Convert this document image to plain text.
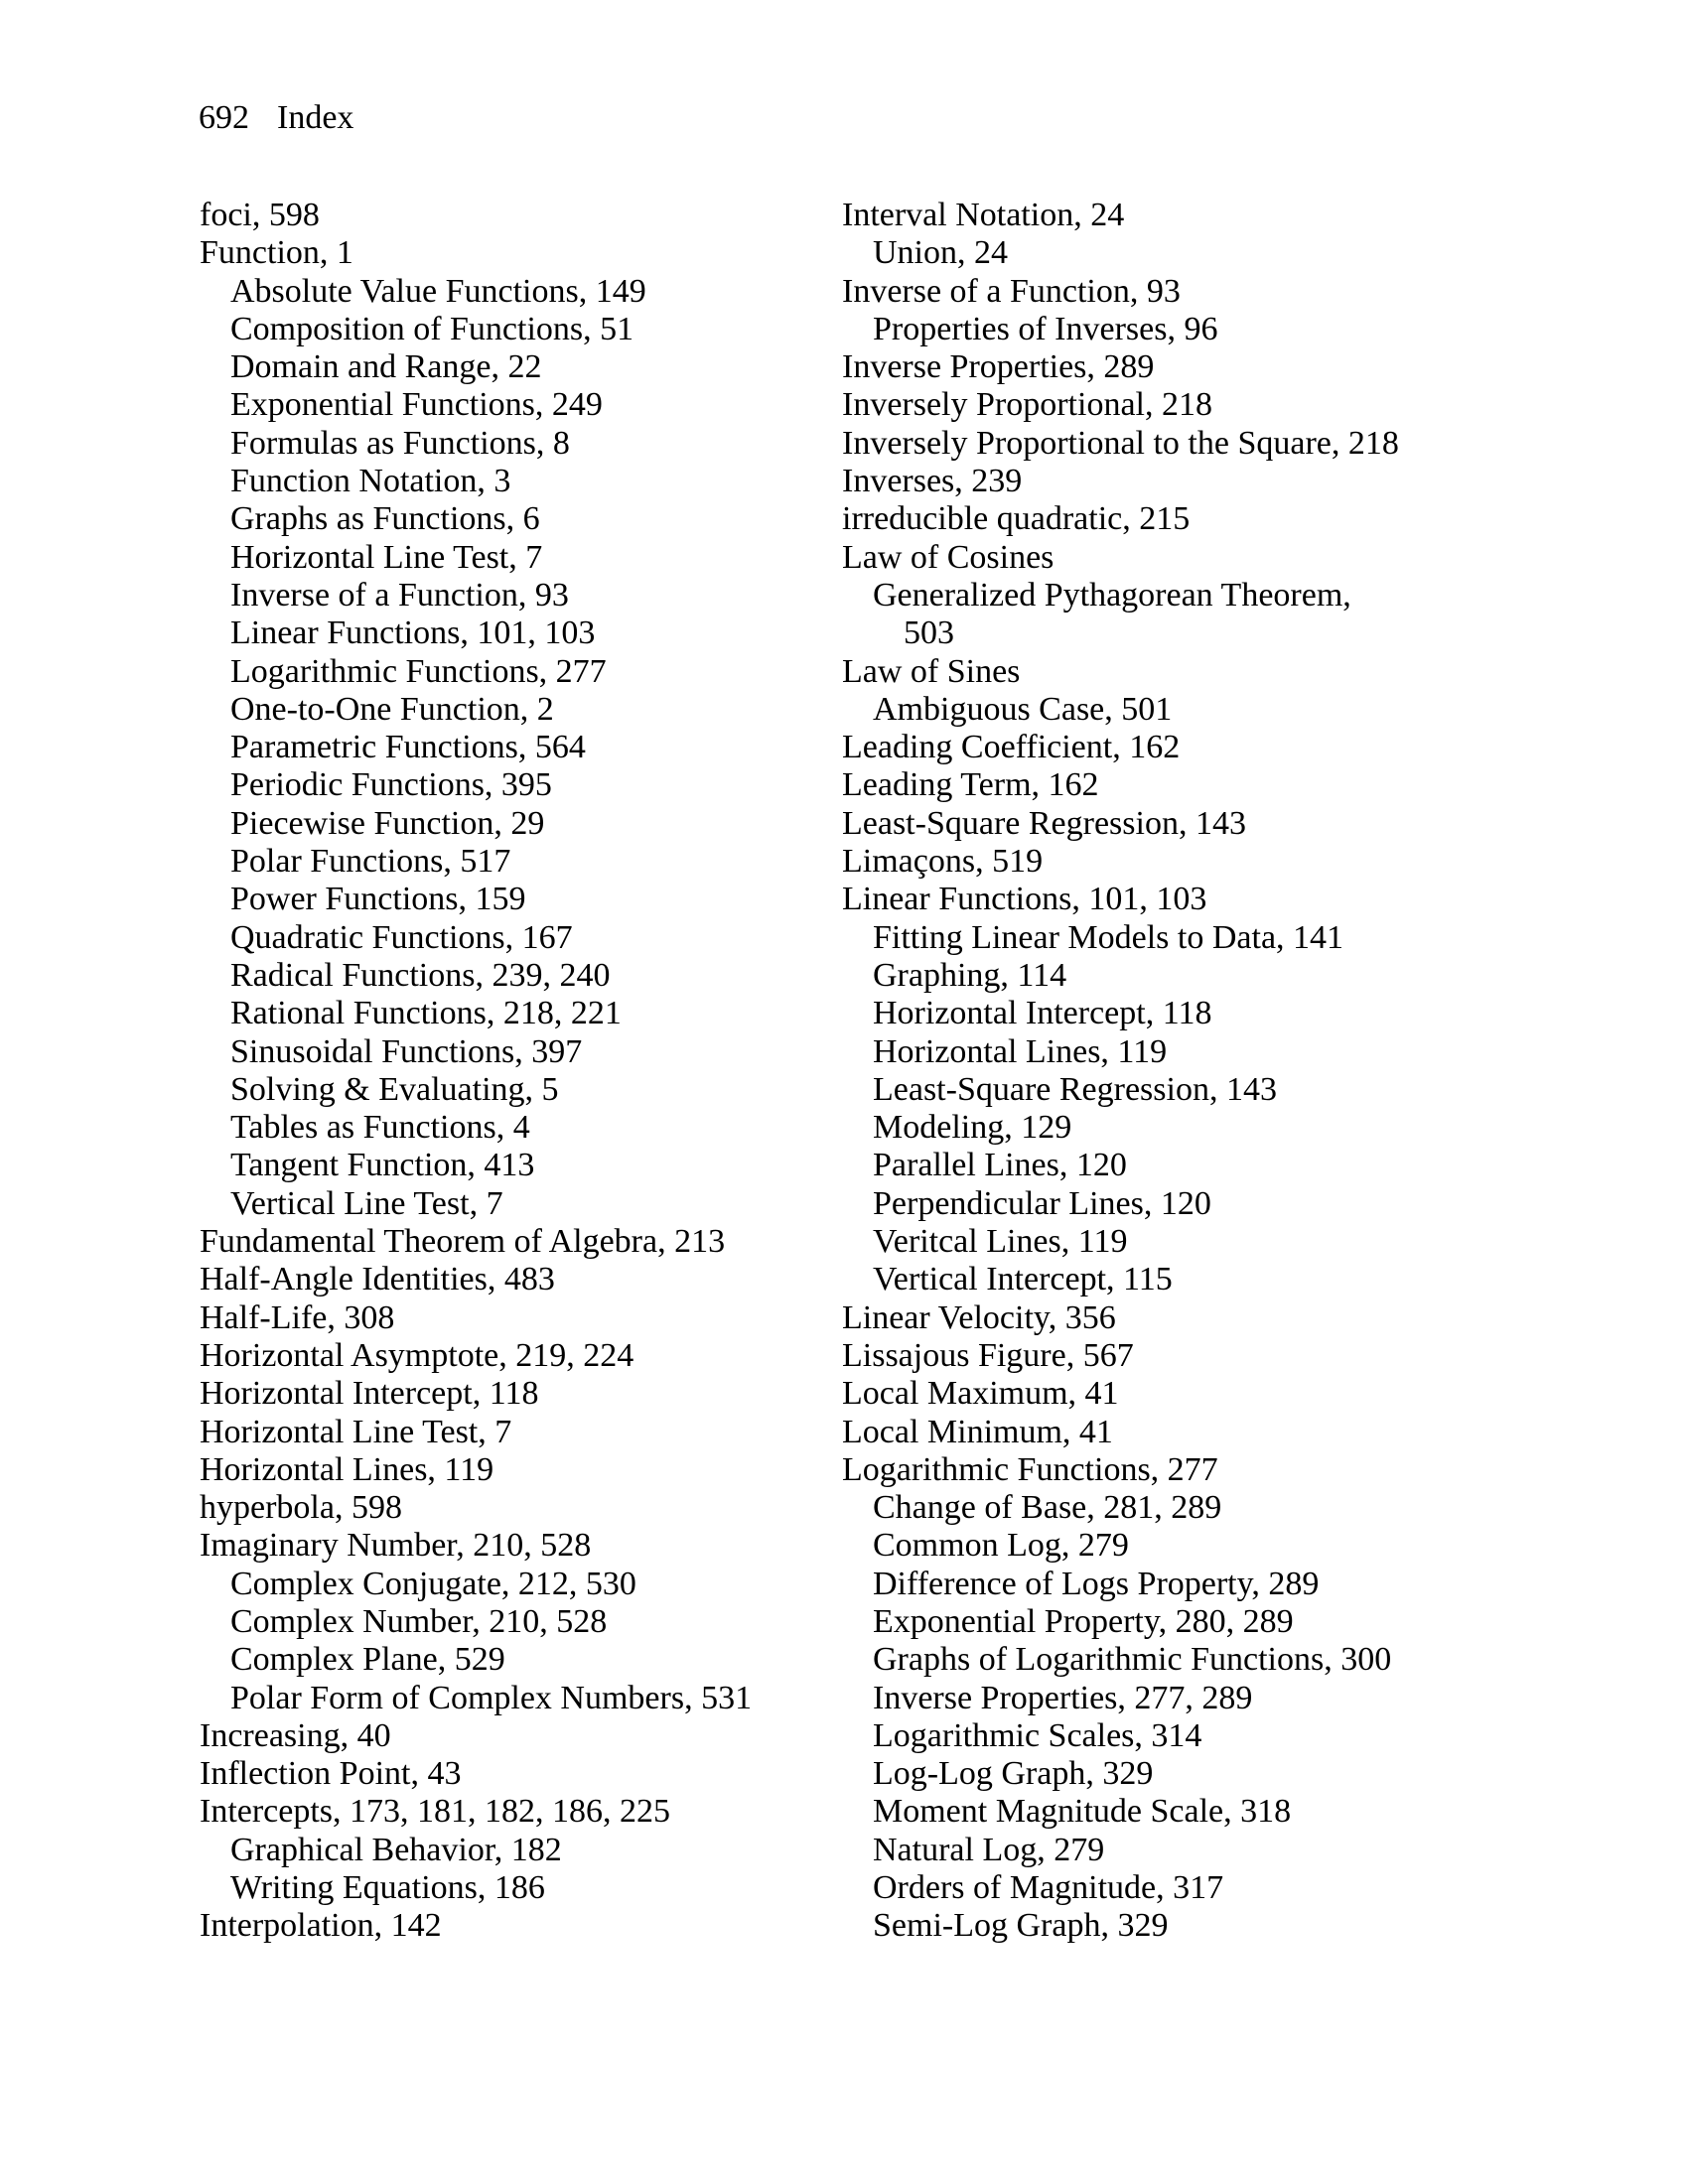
692 Index
foci, 598
Function, 1
Absolute Value Functions, 149
Composition of Functions, 51
Domain and Range, 22
Exponential Functions, 249
Formulas as Functions, 8
Function Notation, 3
Graphs as Functions, 6
Horizontal Line Test, 7
Inverse of a Function, 93
Linear Functions, 101, 103
Logarithmic Functions, 277
One-to-One Function, 2
Parametric Functions, 564
Periodic Functions, 395
Piecewise Function, 29
Polar Functions, 517
Power Functions, 159
Quadratic Functions, 167
Radical Functions, 239, 240
Rational Functions, 218, 221
Sinusoidal Functions, 397
Solving & Evaluating, 5
Tables as Functions, 4
Tangent Function, 413
Vertical Line Test, 7
Fundamental Theorem of Algebra, 213
Half-Angle Identities, 483
Half-Life, 308
Horizontal Asymptote, 219, 224
Horizontal Intercept, 118
Horizontal Line Test, 7
Horizontal Lines, 119
hyperbola, 598
Imaginary Number, 210, 528
Complex Conjugate, 212, 530
Complex Number, 210, 528
Complex Plane, 529
Polar Form of Complex Numbers, 531
Increasing, 40
Inflection Point, 43
Intercepts, 173, 181, 182, 186, 225
Graphical Behavior, 182
Writing Equations, 186
Interpolation, 142
Interval Notation, 24
Union, 24
Inverse of a Function, 93
Properties of Inverses, 96
Inverse Properties, 289
Inversely Proportional, 218
Inversely Proportional to the Square, 218
Inverses, 239
irreducible quadratic, 215
Law of Cosines
Generalized Pythagorean Theorem,
503
Law of Sines
Ambiguous Case, 501
Leading Coefficient, 162
Leading Term, 162
Least-Square Regression, 143
Limaçons, 519
Linear Functions, 101, 103
Fitting Linear Models to Data, 141
Graphing, 114
Horizontal Intercept, 118
Horizontal Lines, 119
Least-Square Regression, 143
Modeling, 129
Parallel Lines, 120
Perpendicular Lines, 120
Veritcal Lines, 119
Vertical Intercept, 115
Linear Velocity, 356
Lissajous Figure, 567
Local Maximum, 41
Local Minimum, 41
Logarithmic Functions, 277
Change of Base, 281, 289
Common Log, 279
Difference of Logs Property, 289
Exponential Property, 280, 289
Graphs of Logarithmic Functions, 300
Inverse Properties, 277, 289
Logarithmic Scales, 314
Log-Log Graph, 329
Moment Magnitude Scale, 318
Natural Log, 279
Orders of Magnitude, 317
Semi-Log Graph, 329
